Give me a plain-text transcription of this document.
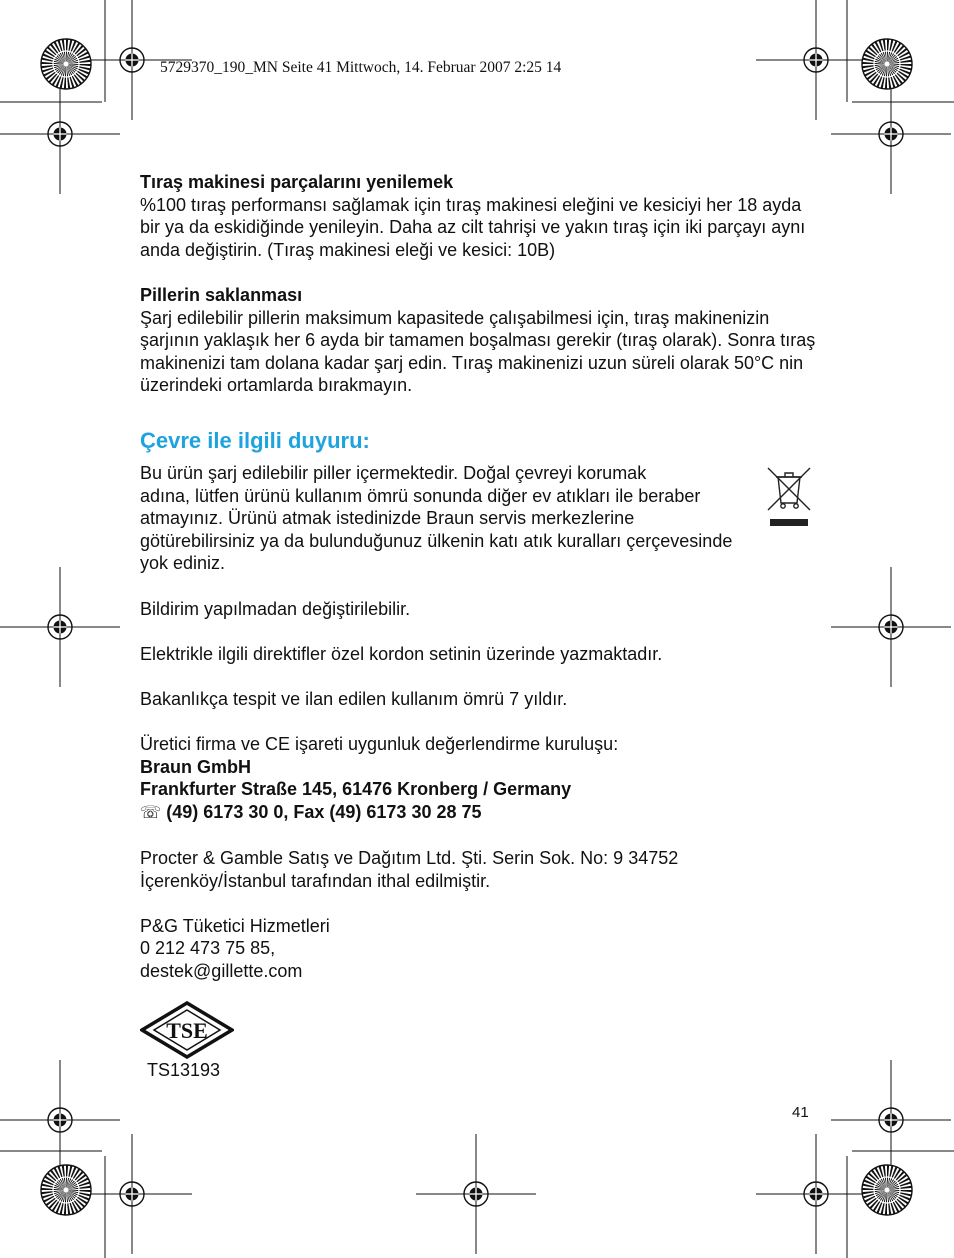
5729370_190_MN Seite 41 Mittwoch, 14. Februar 2007 2:25 14

Tıraş makinesi parçalarını yenilemek

%100 tıraş performansı sağlamak için tıraş makinesi eleğini ve kesiciyi her 18 ayda bir ya da eskidiğinde yenileyin. Daha az cilt tahrişi ve yakın tıraş için iki parçayı aynı anda değiştirin. (Tıraş makinesi eleği ve kesici: 10B)

Pillerin saklanması

Şarj edilebilir pillerin maksimum kapasitede çalışabilmesi için, tıraş makinenizin şarjının yaklaşık her 6 ayda bir tamamen boşalması gerekir (tıraş olarak). Sonra tıraş makinenizi tam dolana kadar şarj edin. Tıraş makinenizi uzun süreli olarak 50°C nin üzerindeki ortamlarda bırakmayın.

Çevre ile ilgili duyuru:

Bu ürün şarj edilebilir piller içermektedir. Doğal çevreyi korumak

adına, lütfen ürünü kullanım ömrü sonunda diğer ev atıkları ile beraber

atmayınız. Ürünü atmak istedinizde Braun servis merkezlerine

götürebilirsiniz ya da bulunduğunuz ülkenin katı atık kuralları çerçevesinde

yok ediniz.

Bildirim yapılmadan değiştirilebilir.

Elektrikle ilgili direktifler özel kordon setinin üzerinde yazmaktadır.

Bakanlıkça tespit ve ilan edilen kullanım ömrü 7 yıldır.

Üretici firma ve CE işareti uygunluk değerlendirme kuruluşu:

Braun GmbH

Frankfurter Straße 145, 61476 Kronberg / Germany

☏ (49) 6173 30 0, Fax (49) 6173 30 28 75

Procter & Gamble Satış ve Dağıtım Ltd. Şti. Serin Sok. No: 9 34752

İçerenköy/İstanbul tarafından ithal edilmiştir.

P&G Tüketici Hizmetleri

0 212 473 75 85,

destek@gillette.com

TSE
TS13193
41
